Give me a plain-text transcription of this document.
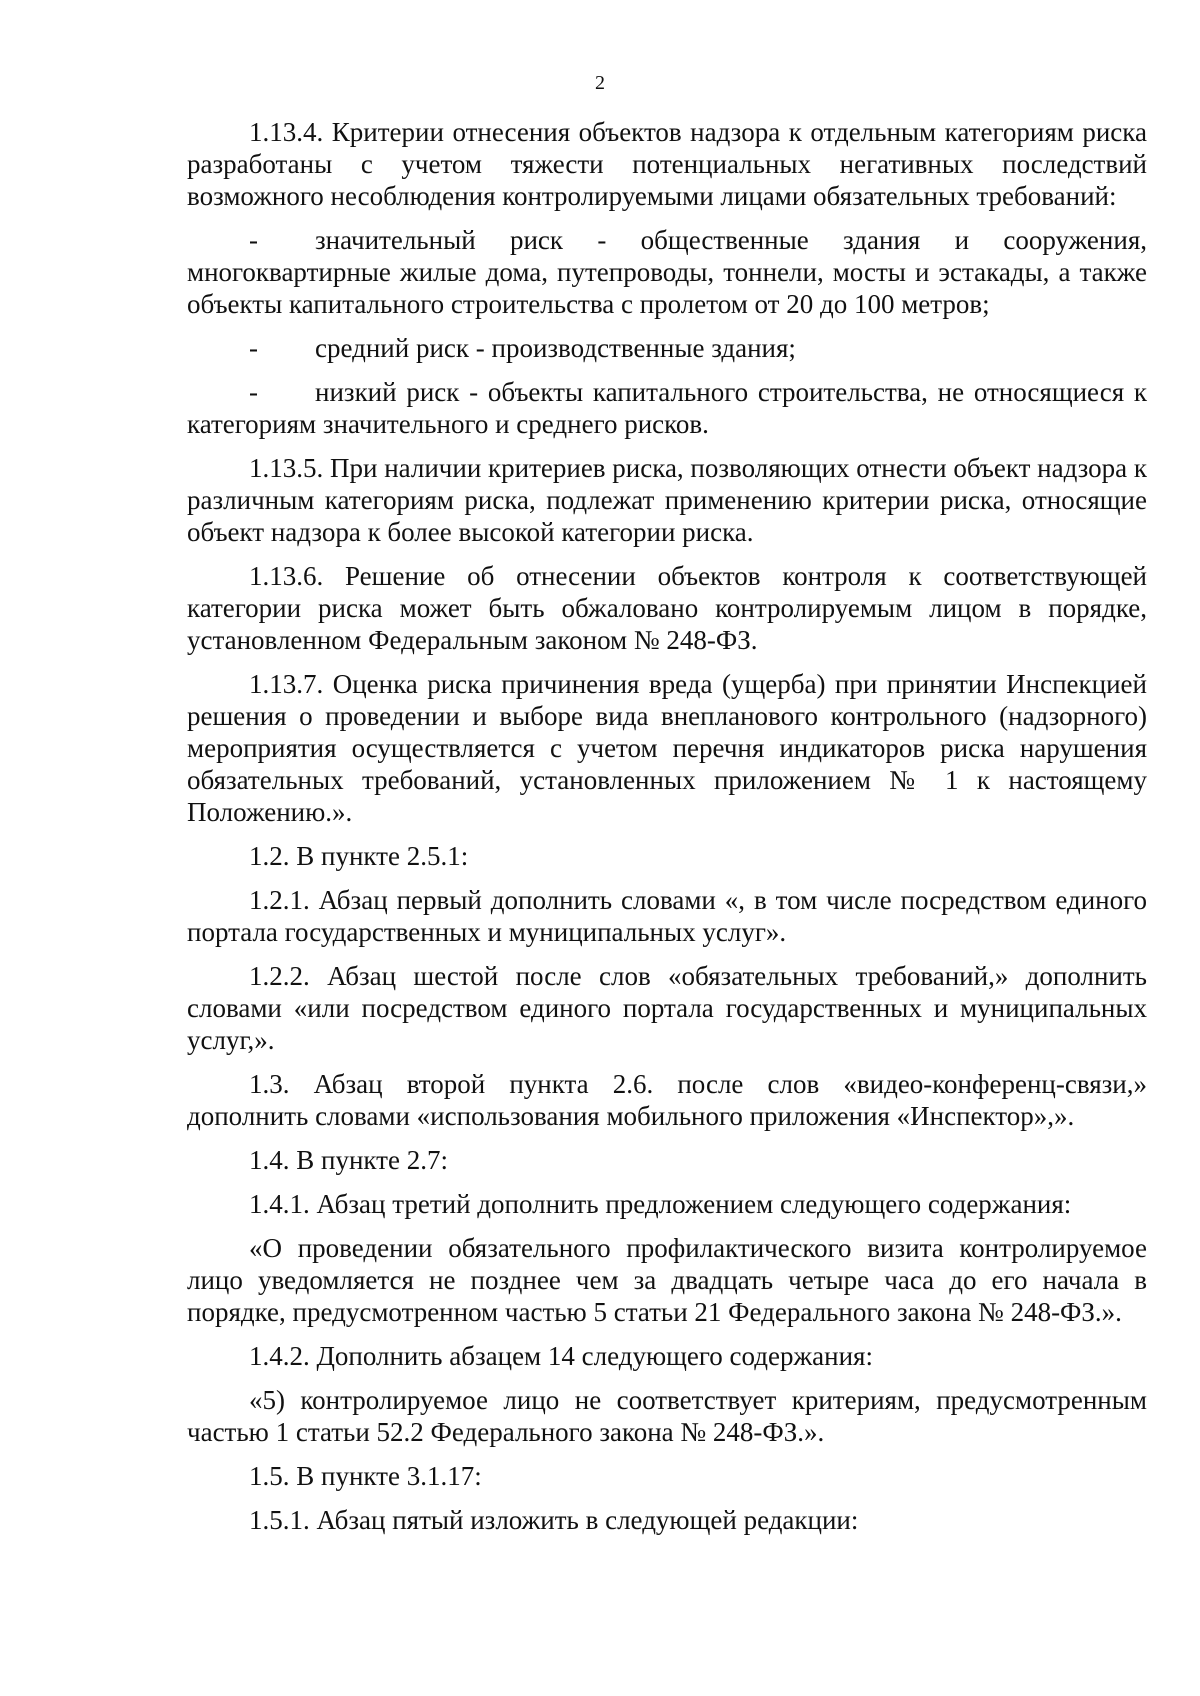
2

1.13.4. Критерии отнесения объектов надзора к отдельным категориям риска разработаны с учетом тяжести потенциальных негативных последствий возможного несоблюдения контролируемыми лицами обязательных требований:

- значительный риск - общественные здания и сооружения, многоквартирные жилые дома, путепроводы, тоннели, мосты и эстакады, а также объекты капитального строительства с пролетом от 20 до 100 метров;
- средний риск - производственные здания;
- низкий риск - объекты капитального строительства, не относящиеся к категориям значительного и среднего рисков.

1.13.5. При наличии критериев риска, позволяющих отнести объект надзора к различным категориям риска, подлежат применению критерии риска, относящие объект надзора к более высокой категории риска.

1.13.6. Решение об отнесении объектов контроля к соответствующей категории риска может быть обжаловано контролируемым лицом в порядке, установленном Федеральным законом № 248-ФЗ.

1.13.7. Оценка риска причинения вреда (ущерба) при принятии Инспекцией решения о проведении и выборе вида внепланового контрольного (надзорного) мероприятия осуществляется с учетом перечня индикаторов риска нарушения обязательных требований, установленных приложением № 1 к настоящему Положению.».

1.2. В пункте 2.5.1:

1.2.1. Абзац первый дополнить словами «, в том числе посредством единого портала государственных и муниципальных услуг».

1.2.2. Абзац шестой после слов «обязательных требований,» дополнить словами «или посредством единого портала государственных и муниципальных услуг,».

1.3. Абзац второй пункта 2.6. после слов «видео-конференц-связи,» дополнить словами «использования мобильного приложения «Инспектор»,».

1.4. В пункте 2.7:

1.4.1. Абзац третий дополнить предложением следующего содержания:

«О проведении обязательного профилактического визита контролируемое лицо уведомляется не позднее чем за двадцать четыре часа до его начала в порядке, предусмотренном частью 5 статьи 21 Федерального закона № 248-ФЗ.».

1.4.2. Дополнить абзацем 14 следующего содержания:

«5) контролируемое лицо не соответствует критериям, предусмотренным частью 1 статьи 52.2 Федерального закона № 248-ФЗ.».

1.5. В пункте 3.1.17:

1.5.1. Абзац пятый изложить в следующей редакции:
